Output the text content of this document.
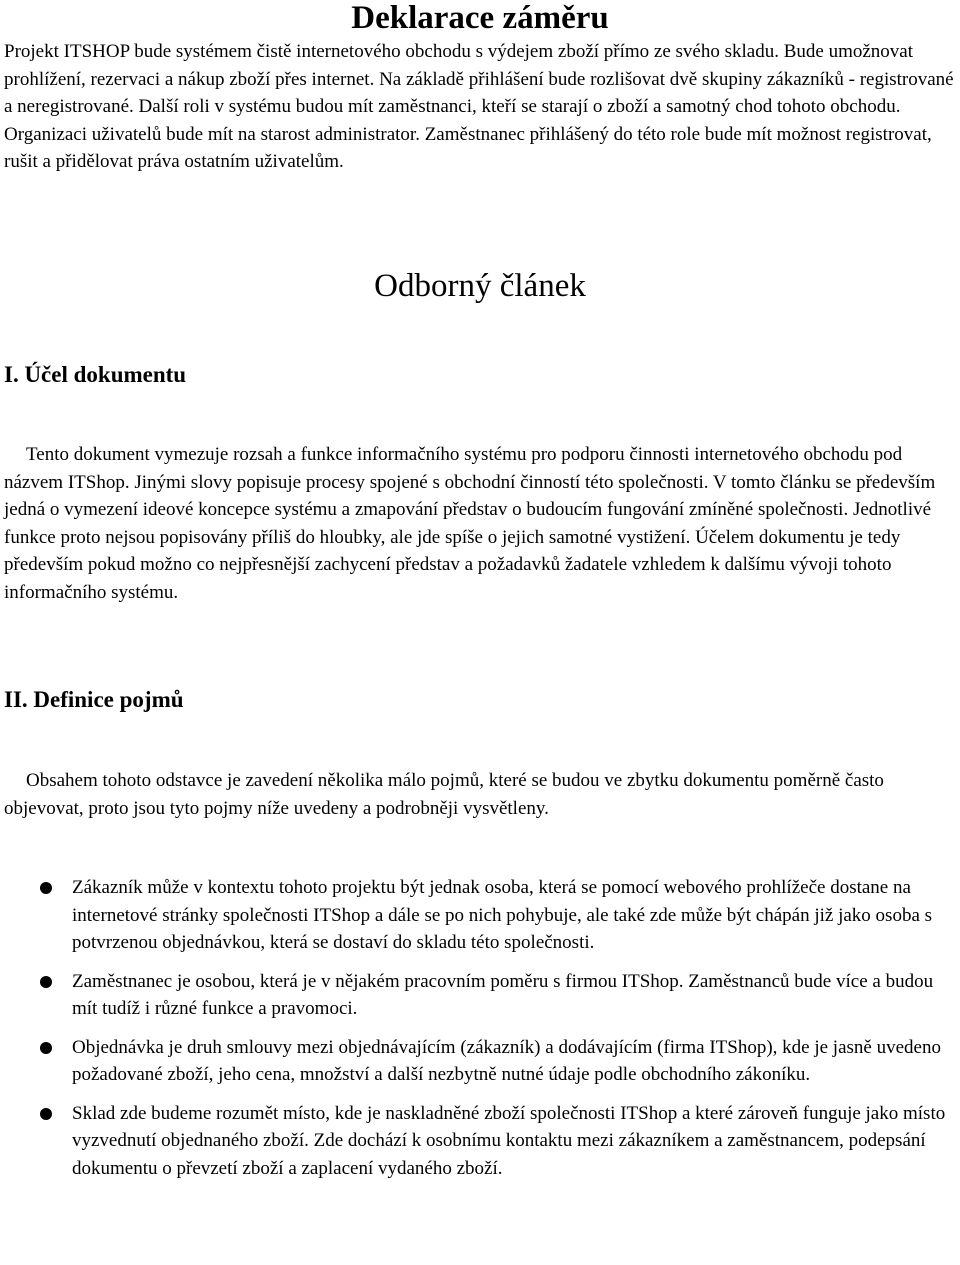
Deklarace záměru

Projekt ITSHOP bude systémem čistě internetového obchodu s výdejem zboží přímo ze svého skladu. Bude umožnovat prohlížení, rezervaci a nákup zboží přes internet. Na základě přihlášení bude rozlišovat dvě skupiny zákazníků - registrované a neregistrované. Další roli v systému budou mít zaměstnanci, kteří se starají o zboží a samotný chod tohoto obchodu. Organizaci uživatelů bude mít na starost administrator. Zaměstnanec přihlášený do této role bude mít možnost registrovat, rušit a přidělovat práva ostatním uživatelům.

Odborný článek
I. Účel dokumentu

Tento dokument vymezuje rozsah a funkce informačního systému pro podporu činnosti internetového obchodu pod názvem ITShop. Jinými slovy popisuje procesy spojené s obchodní činností této společnosti. V tomto článku se především jedná o vymezení ideové koncepce systému a zmapování představ o budoucím fungování zmíněné společnosti. Jednotlivé funkce proto nejsou popisovány příliš do hloubky, ale jde spíše o jejich samotné vystižení. Účelem dokumentu je tedy především pokud možno co nejpřesnější zachycení představ a požadavků žadatele vzhledem k dalšímu vývoji tohoto informačního systému.

II. Definice pojmů

Obsahem tohoto odstavce je zavedení několika málo pojmů, které se budou ve zbytku dokumentu poměrně často objevovat, proto jsou tyto pojmy níže uvedeny a podrobněji vysvětleny.

Zákazník může v kontextu tohoto projektu být jednak osoba, která se pomocí webového prohlížeče dostane na internetové stránky společnosti ITShop a dále se po nich pohybuje, ale také zde může být chápán již jako osoba s potvrzenou objednávkou, která se dostaví do skladu této společnosti.
Zaměstnanec je osobou, která je v nějakém pracovním poměru s firmou ITShop. Zaměstnanců bude více a budou mít tudíž i různé funkce a pravomoci.
Objednávka je druh smlouvy mezi objednávajícím (zákazník) a dodávajícím (firma ITShop), kde je jasně uvedeno požadované zboží, jeho cena, množství a další nezbytně nutné údaje podle obchodního zákoníku.
Sklad zde budeme rozumět místo, kde je naskladněné zboží společnosti ITShop a které zároveň funguje jako místo vyzvednutí objednaného zboží. Zde dochází k osobnímu kontaktu mezi zákazníkem a zaměstnancem, podepsání dokumentu o převzetí zboží a zaplacení vydaného zboží.
